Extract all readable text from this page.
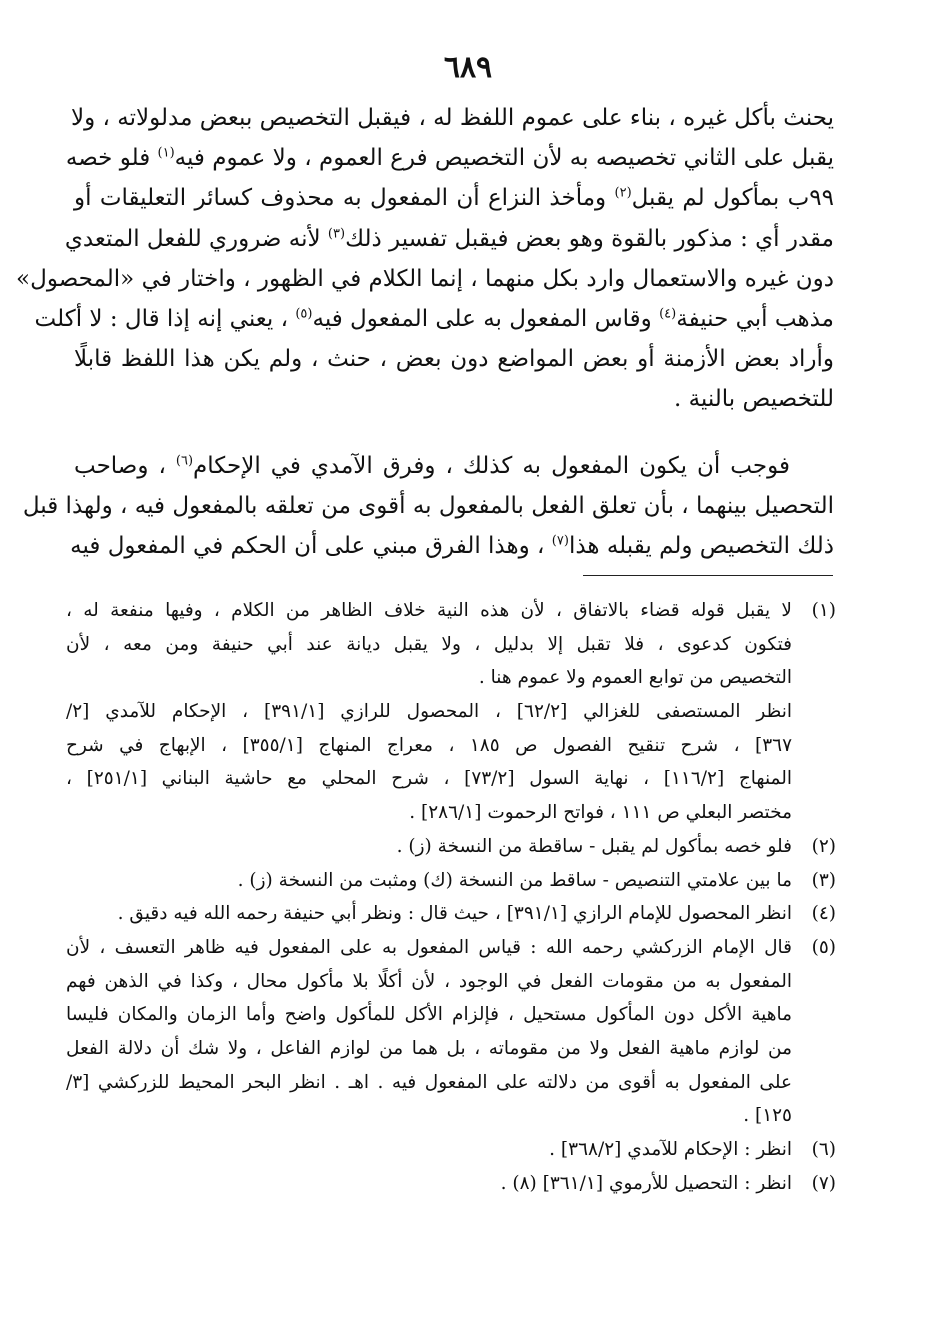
٦٨٩
يحنث بأكل غيره ، بناء على عموم اللفظ له ، فيقبل التخصيص ببعض مدلولاته ، ولا
يقبل على الثاني تخصيصه به لأن التخصيص فرع العموم ، ولا عموم فيه$^{(١)}$ فلو خصه
٩٩ب بمأكول لم يقبل$^{(٢)}$ ومأخذ النزاع أن المفعول به محذوف كسائر التعليقات أو
مقدر أي : مذكور بالقوة وهو بعض فيقبل تفسير ذلك$^{(٣)}$ لأنه ضروري للفعل المتعدي
دون غيره والاستعمال وارد بكل منهما ، إنما الكلام في الظهور ، واختار في «المحصول»
مذهب أبي حنيفة$^{(٤)}$ وقاس المفعول به على المفعول فيه$^{(٥)}$ ، يعني إنه إذا قال : لا أكلت
وأراد بعض الأزمنة أو بعض المواضع دون بعض ، حنث ، ولم يكن هذا اللفظ قابلًا
للتخصيص بالنية .
فوجب أن يكون المفعول به كذلك ، وفرق الآمدي في الإحكام$^{(٦)}$ ، وصاحب
التحصيل بينهما ، بأن تعلق الفعل بالمفعول به أقوى من تعلقه بالمفعول فيه ، ولهذا قبل
ذلك التخصيص ولم يقبله هذا$^{(٧)}$ ، وهذا الفرق مبني على أن الحكم في المفعول فيه
(١)
لا يقبل قوله قضاء بالاتفاق ، لأن هذه النية خلاف الظاهر من الكلام ، وفيها منفعة له ،
فتكون كدعوى ، فلا تقبل إلا بدليل ، ولا يقبل ديانة عند أبي حنيفة ومن معه ، لأن
التخصيص من توابع العموم ولا عموم هنا .
انظر المستصفى للغزالي [٦٢/٢] ، المحصول للرازي [٣٩١/١] ، الإحكام للآمدي [٢/
٣٦٧] ، شرح تنقيح الفصول ص ١٨٥ ، معراج المنهاج [٣٥٥/١] ، الإبهاج في شرح
المنهاج [١١٦/٢] ، نهاية السول [٧٣/٢] ، شرح المحلي مع حاشية البناني [٢٥١/١] ،
مختصر البعلي ص ١١١ ، فواتح الرحموت [٢٨٦/١] .
(٢)
فلو خصه بمأكول لم يقبل - ساقطة من النسخة (ز) .
(٣)
ما بين علامتي التنصيص - ساقط من النسخة (ك) ومثبت من النسخة (ز) .
(٤)
انظر المحصول للإمام الرازي [٣٩١/١] ، حيث قال : ونظر أبي حنيفة رحمه الله فيه دقيق .
(٥)
قال الإمام الزركشي رحمه الله : قياس المفعول به على المفعول فيه ظاهر التعسف ، لأن
المفعول به من مقومات الفعل في الوجود ، لأن أكلًا بلا مأكول محال ، وكذا في الذهن فهم
ماهية الأكل دون المأكول مستحيل ، فإلزام الأكل للمأكول واضح وأما الزمان والمكان فليسا
من لوازم ماهية الفعل ولا من مقوماته ، بل هما من لوازم الفاعل ، ولا شك أن دلالة الفعل
على المفعول به أقوى من دلالته على المفعول فيه . اهـ . انظر البحر المحيط للزركشي [٣/
١٢٥] .
(٦)
انظر : الإحكام للآمدي [٣٦٨/٢] .
(٧)
انظر : التحصيل للأرموي [٣٦١/١] (٨) .
